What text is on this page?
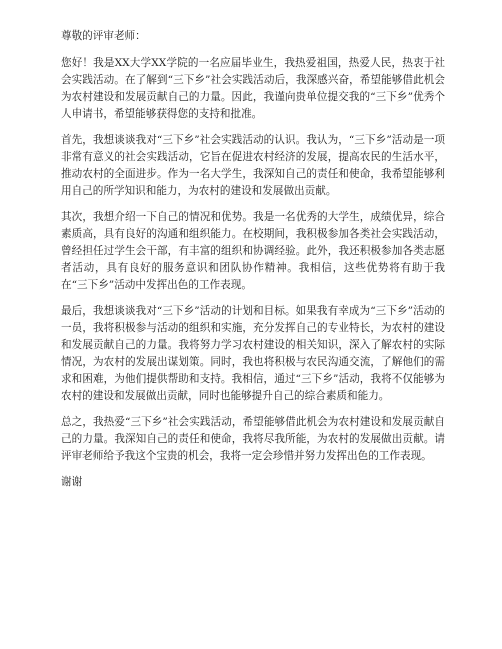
尊敬的评审老师：

您好！我是XX大学XX学院的一名应届毕业生，我热爱祖国，热爱人民，热衷于社会实践活动。在了解到“三下乡”社会实践活动后，我深感兴奋，希望能够借此机会为农村建设和发展贡献自己的力量。因此，我谨向贵单位提交我的“三下乡”优秀个人申请书，希望能够获得您的支持和批准。

首先，我想谈谈我对“三下乡”社会实践活动的认识。我认为，“三下乡”活动是一项非常有意义的社会实践活动，它旨在促进农村经济的发展，提高农民的生活水平，推动农村的全面进步。作为一名大学生，我深知自己的责任和使命，我希望能够利用自己的所学知识和能力，为农村的建设和发展做出贡献。

其次，我想介绍一下自己的情况和优势。我是一名优秀的大学生，成绩优异，综合素质高，具有良好的沟通和组织能力。在校期间，我积极参加各类社会实践活动，曾经担任过学生会干部，有丰富的组织和协调经验。此外，我还积极参加各类志愿者活动，具有良好的服务意识和团队协作精神。我相信，这些优势将有助于我在“三下乡”活动中发挥出色的工作表现。

最后，我想谈谈我对“三下乡”活动的计划和目标。如果我有幸成为“三下乡”活动的一员，我将积极参与活动的组织和实施，充分发挥自己的专业特长，为农村的建设和发展贡献自己的力量。我将努力学习农村建设的相关知识，深入了解农村的实际情况，为农村的发展出谋划策。同时，我也将积极与农民沟通交流，了解他们的需求和困难，为他们提供帮助和支持。我相信，通过“三下乡”活动，我将不仅能够为农村的建设和发展做出贡献，同时也能够提升自己的综合素质和能力。

总之，我热爱“三下乡”社会实践活动，希望能够借此机会为农村建设和发展贡献自己的力量。我深知自己的责任和使命，我将尽我所能，为农村的发展做出贡献。请评审老师给予我这个宝贵的机会，我将一定会珍惜并努力发挥出色的工作表现。

谢谢
